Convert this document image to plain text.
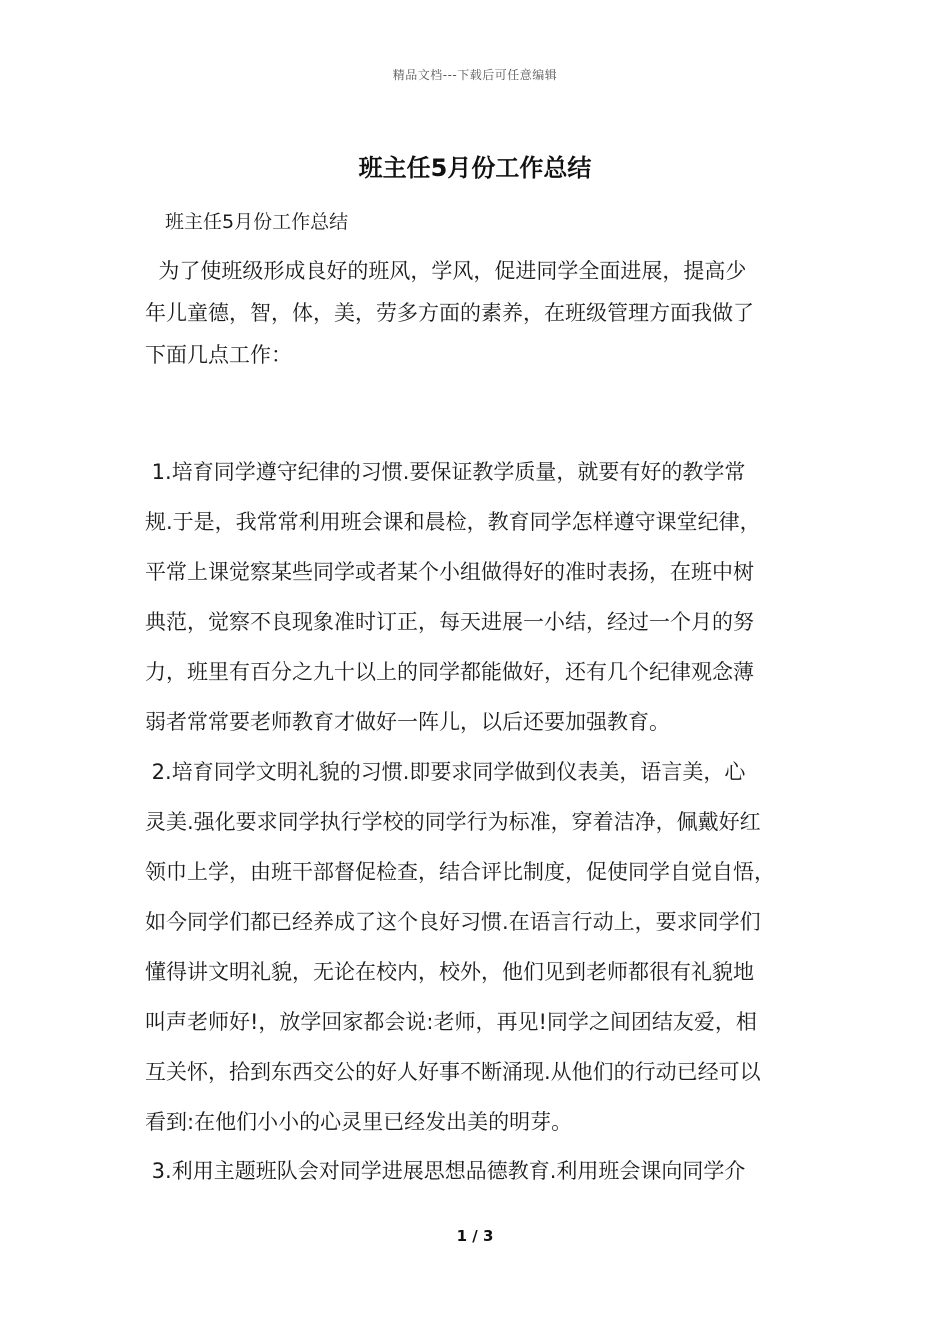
精品文档---下载后可任意编辑
班主任5月份工作总结
班主任5月份工作总结
为了使班级形成良好的班风，学风，促进同学全面进展，提高少
年儿童德，智，体，美，劳多方面的素养，在班级管理方面我做了
下面几点工作：
1.培育同学遵守纪律的习惯.要保证教学质量，就要有好的教学常
规.于是，我常常利用班会课和晨检，教育同学怎样遵守课堂纪律，
平常上课觉察某些同学或者某个小组做得好的准时表扬，在班中树
典范，觉察不良现象准时订正，每天进展一小结，经过一个月的努
力，班里有百分之九十以上的同学都能做好，还有几个纪律观念薄
弱者常常要老师教育才做好一阵儿，以后还要加强教育。
2.培育同学文明礼貌的习惯.即要求同学做到仪表美，语言美，心
灵美.强化要求同学执行学校的同学行为标准，穿着洁净，佩戴好红
领巾上学，由班干部督促检查，结合评比制度，促使同学自觉自悟，
如今同学们都已经养成了这个良好习惯.在语言行动上，要求同学们
懂得讲文明礼貌，无论在校内，校外，他们见到老师都很有礼貌地
叫声老师好!，放学回家都会说:老师，再见!同学之间团结友爱，相
互关怀，拾到东西交公的好人好事不断涌现.从他们的行动已经可以
看到:在他们小小的心灵里已经发出美的明芽。
3.利用主题班队会对同学进展思想品德教育.利用班会课向同学介
1 / 3
